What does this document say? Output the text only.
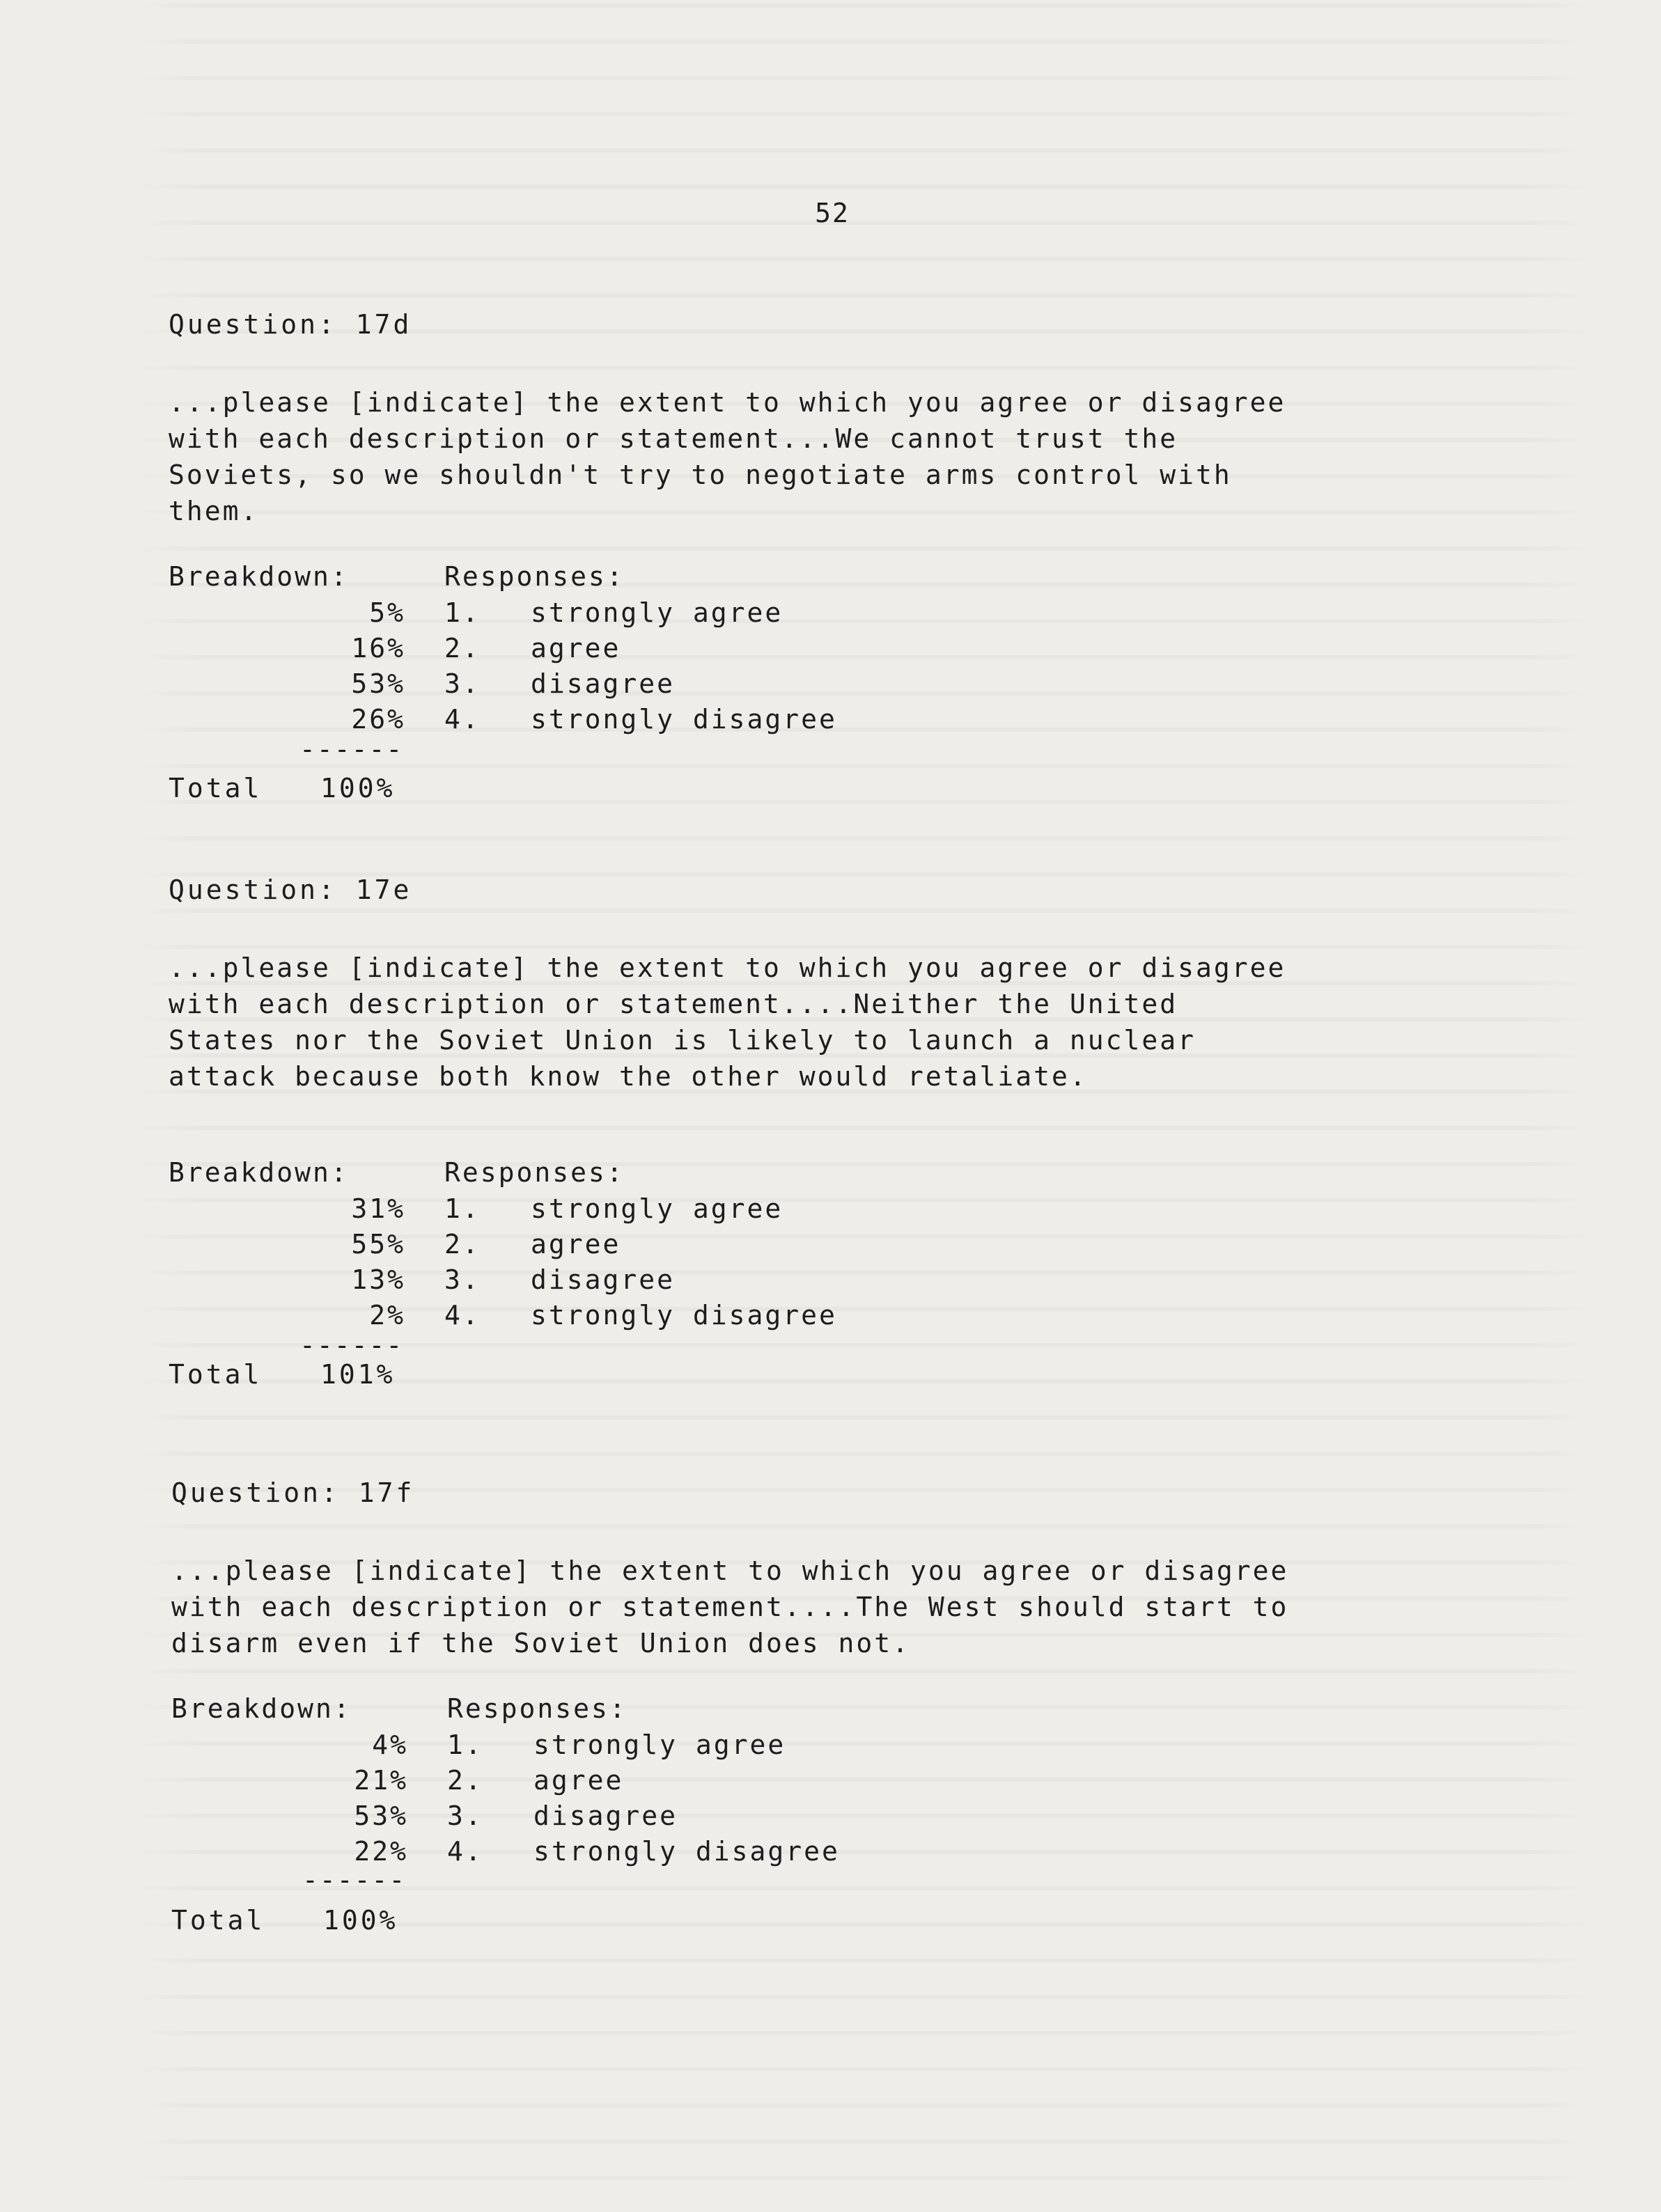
52
Question: 17d
...please [indicate] the extent to which you agree or disagree
with each description or statement...We cannot trust the
Soviets, so we shouldn't try to negotiate arms control with
them.
Breakdown:	Responses:
5% 1. strongly agree
16% 2. agree
53% 3. disagree
26% 4. strongly disagree
------
Total 100%
Question: 17e
...please [indicate] the extent to which you agree or disagree
with each description or statement....Neither the United
States nor the Soviet Union is likely to launch a nuclear
attack because both know the other would retaliate.
Breakdown:	Responses:
31% 1. strongly agree
55% 2. agree
13% 3. disagree
2% 4. strongly disagree
------
Total 101%
Question: 17f
...please [indicate] the extent to which you agree or disagree
with each description or statement....The West should start to
disarm even if the Soviet Union does not.
Breakdown:	Responses:
4% 1. strongly agree
21% 2. agree
53% 3. disagree
22% 4. strongly disagree
------
Total 100%
